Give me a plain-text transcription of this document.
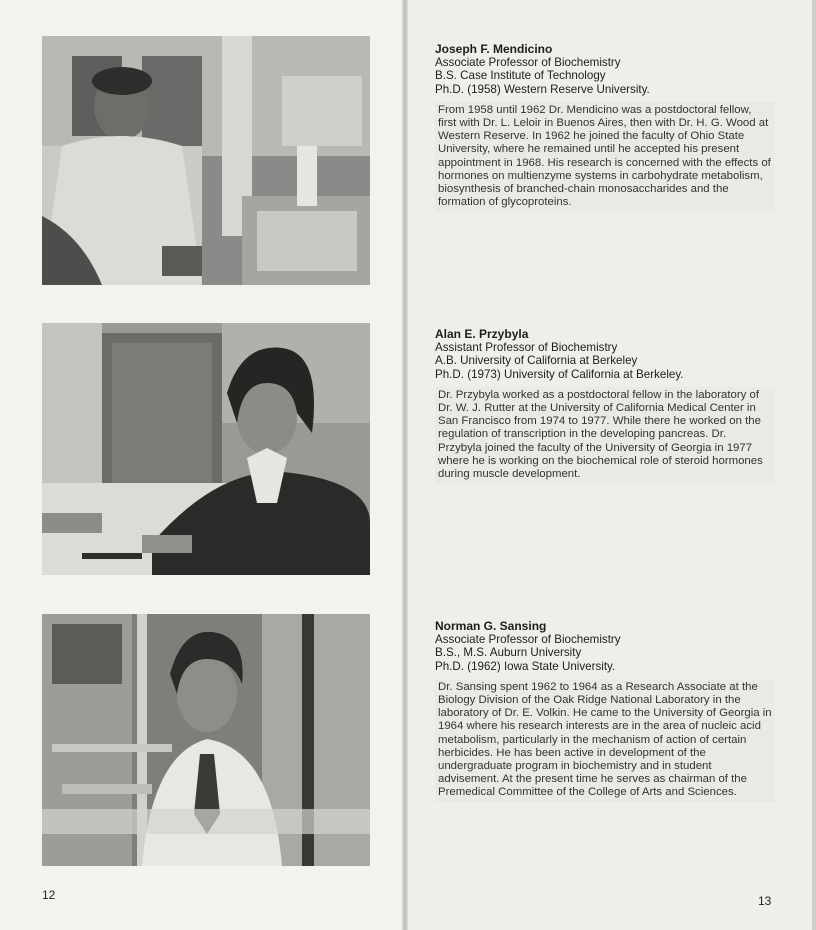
Joseph F. Mendicino
Associate Professor of Biochemistry
B.S. Case Institute of Technology
Ph.D. (1958) Western Reserve University.
From 1958 until 1962 Dr. Mendicino was a postdoctoral fellow, first with Dr. L. Leloir in Buenos Aires, then with Dr. H. G. Wood at Western Reserve. In 1962 he joined the faculty of Ohio State University, where he remained until he accepted his present appointment in 1968. His research is concerned with the effects of hormones on multienzyme systems in carbohydrate metabolism, biosynthesis of branched-chain monosaccharides and the formation of glycoproteins.
Alan E. Przybyla
Assistant Professor of Biochemistry
A.B. University of California at Berkeley
Ph.D. (1973) University of California at Berkeley.
Dr. Przybyla worked as a postdoctoral fellow in the laboratory of Dr. W. J. Rutter at the University of California Medical Center in San Francisco from 1974 to 1977. While there he worked on the regulation of transcription in the developing pancreas. Dr. Przybyla joined the faculty of the University of Georgia in 1977 where he is working on the biochemical role of steroid hormones during muscle development.
Norman G. Sansing
Associate Professor of Biochemistry
B.S., M.S. Auburn University
Ph.D. (1962) Iowa State University.
Dr. Sansing spent 1962 to 1964 as a Research Associate at the Biology Division of the Oak Ridge National Laboratory in the laboratory of Dr. E. Volkin. He came to the University of Georgia in 1964 where his research interests are in the area of nucleic acid metabolism, particularly in the mechanism of action of certain herbicides. He has been active in development of the undergraduate program in biochemistry and in student advisement. At the present time he serves as chairman of the Premedical Committee of the College of Arts and Sciences.
12	13
